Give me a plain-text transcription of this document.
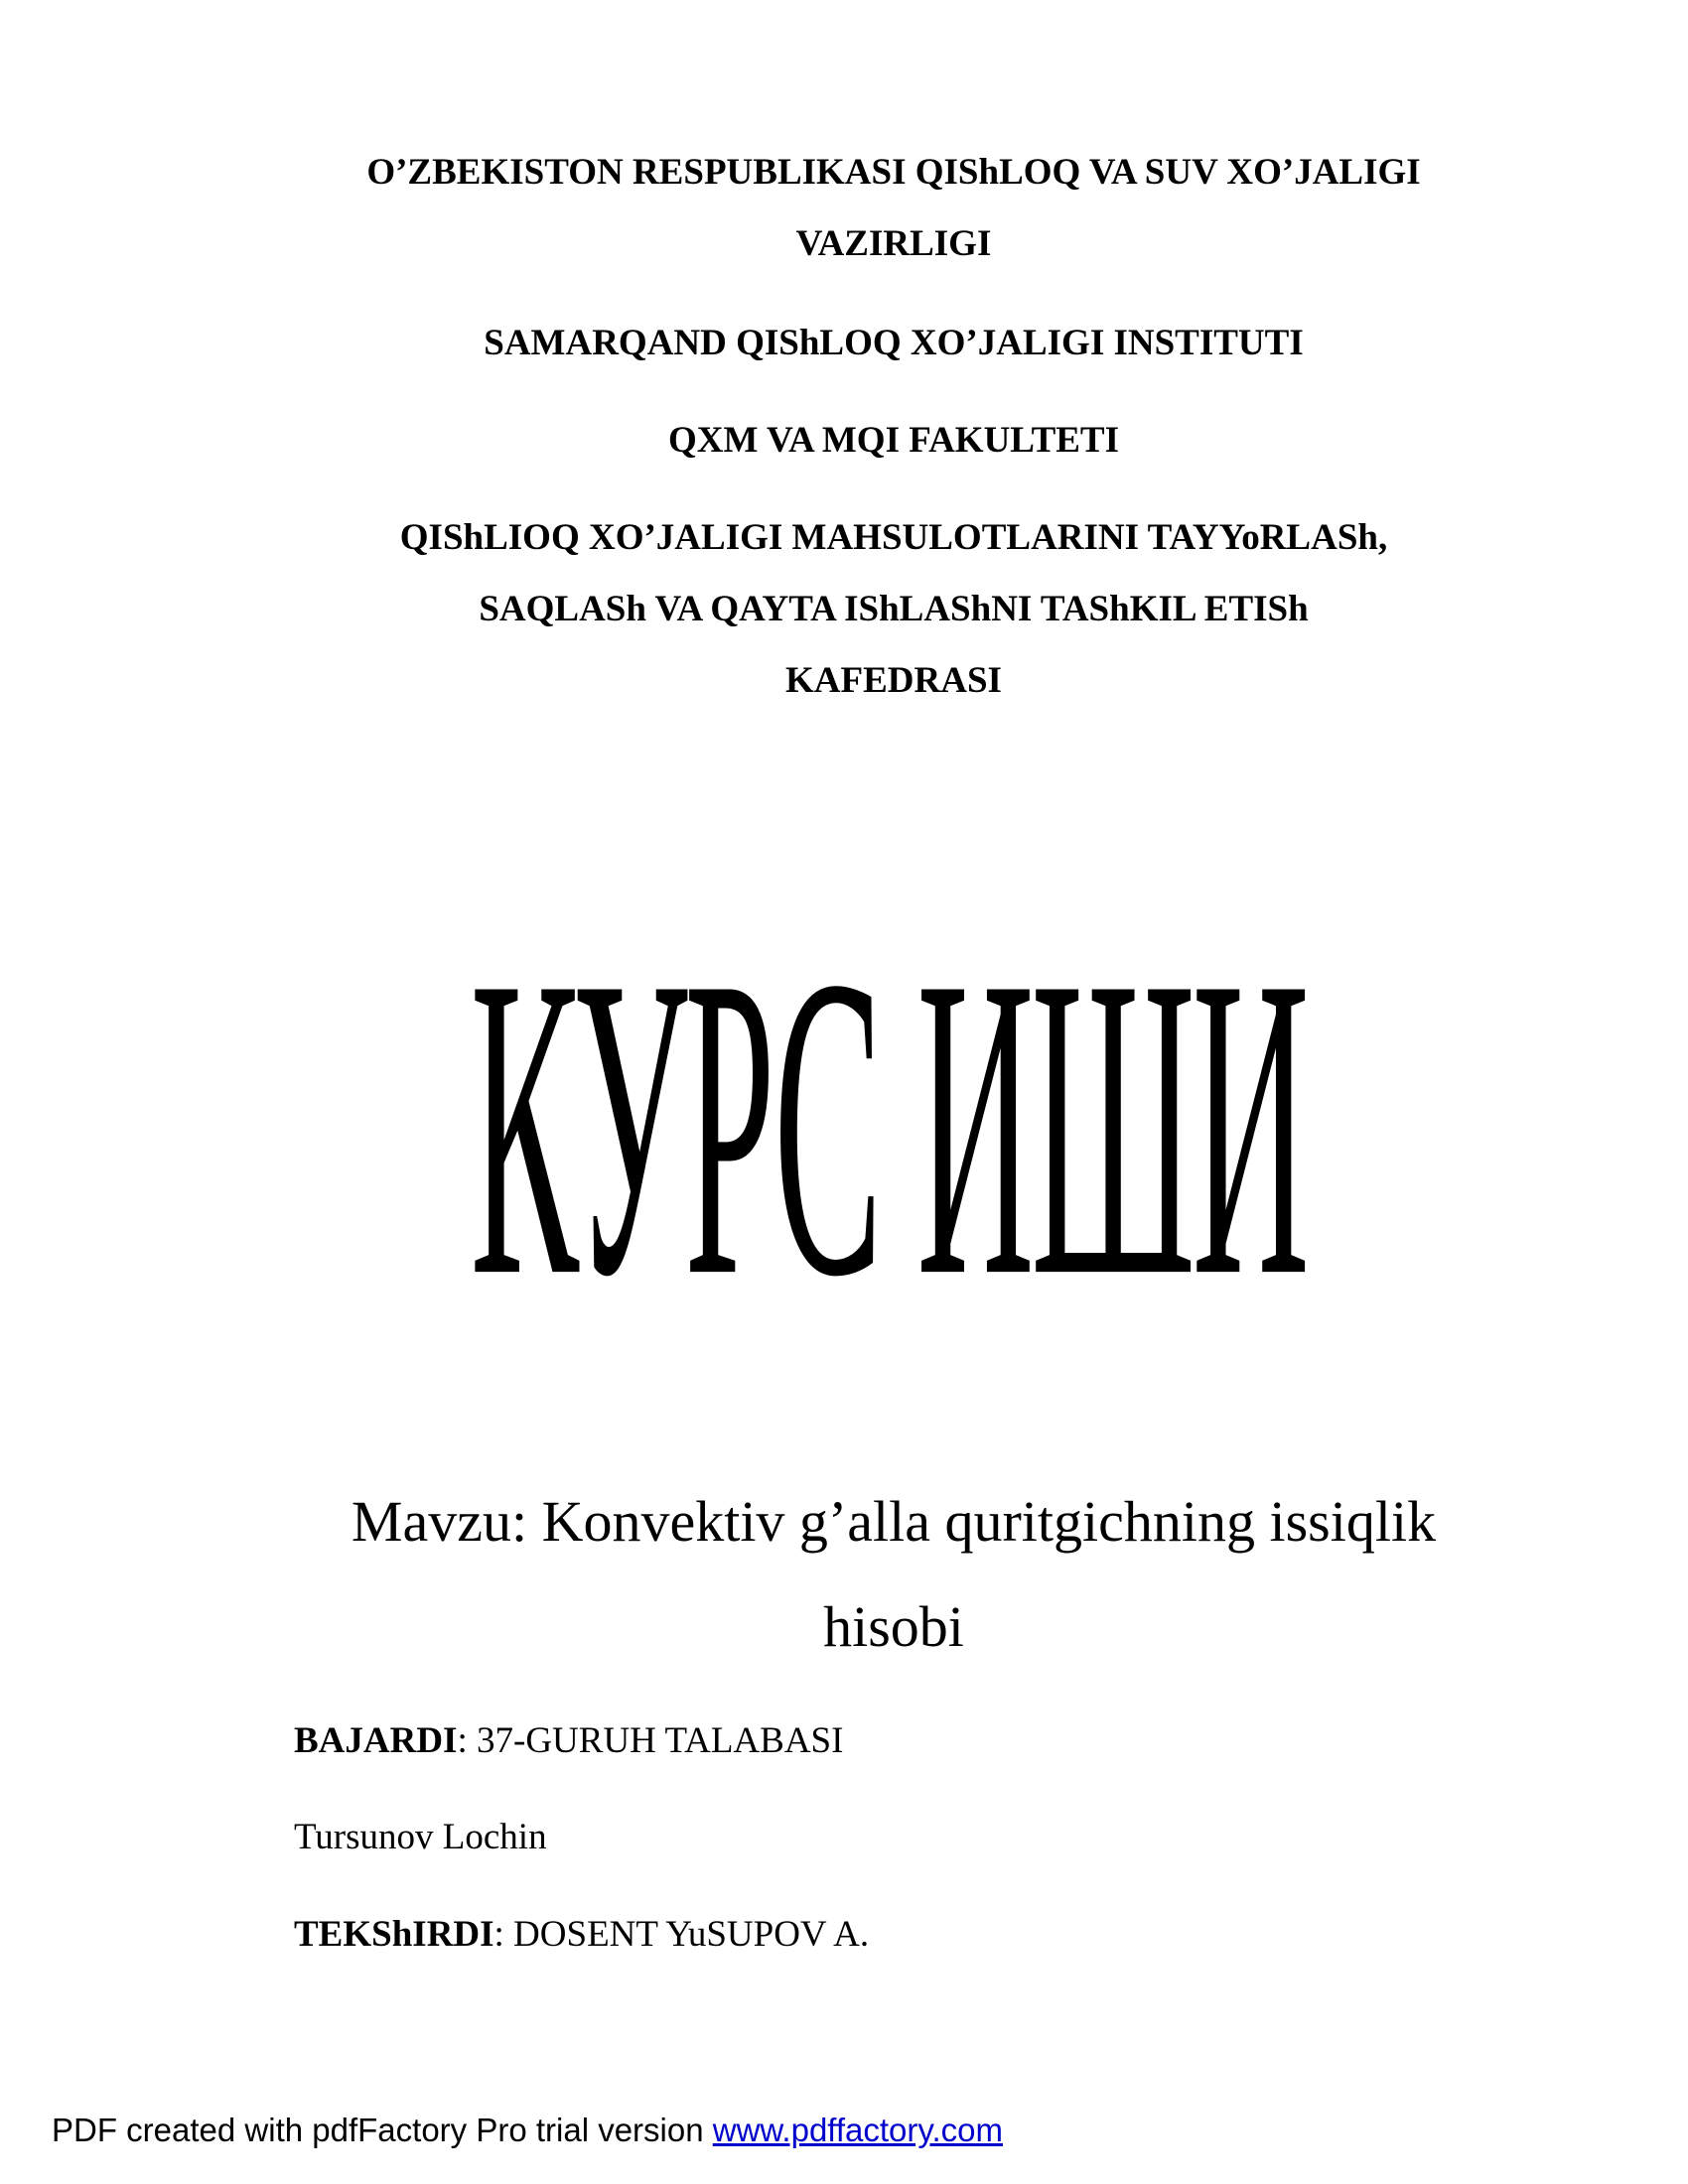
O’ZBEKISTON RESPUBLIKASI QIShLOQ VA SUV XO’JALIGI
VAZIRLIGI
SAMARQAND QIShLOQ XO’JALIGI INSTITUTI
QXM VA MQI FAKULTETI
QIShLIOQ XO’JALIGI MAHSULOTLARINI TAYYoRLASh,
SAQLASh VA QAYTA IShLAShNI TAShKIL ETISh
KAFEDRASI
КУРС ИШИ
Mavzu: Konvektiv g’alla quritgichning issiqlik
hisobi
BAJARDI: 37-GURUH TALABASI
Tursunov Lochin
TEKShIRDI: DOSENT YuSUPOV A.
PDF created with pdfFactory Pro trial version www.pdffactory.com
